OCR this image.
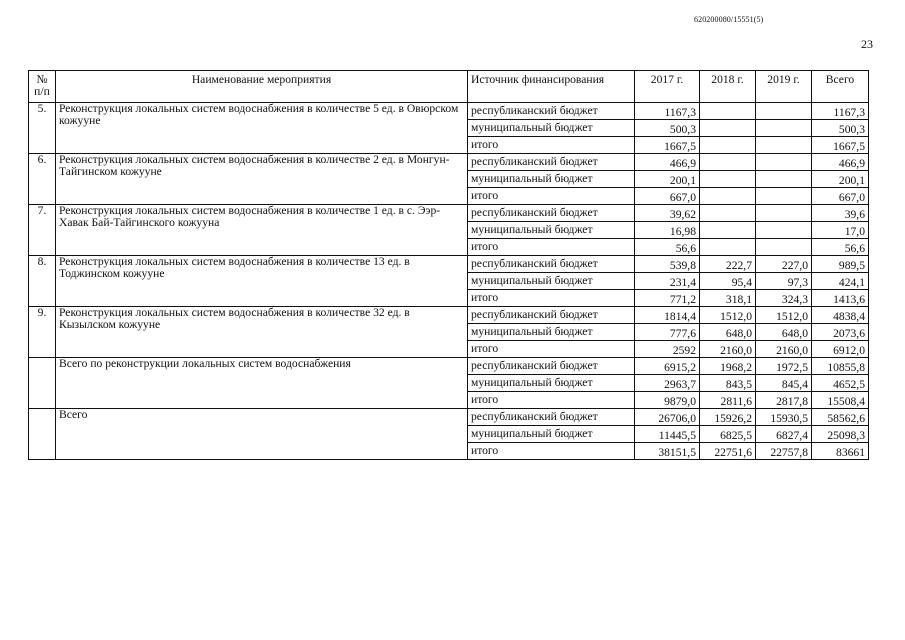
620200080/15551(5)
23
№
п/п	Наименование мероприятия	Источник финансирования	2017 г.	2018 г.	2019 г.	Всего
5.	Реконструкция локальных систем водоснабжения в количестве 5 ед. в Овюрском кожууне	республиканский бюджет	1167,3			1167,3
		муниципальный бюджет	500,3			500,3
		итого	1667,5			1667,5
6.	Реконструкция локальных систем водоснабжения в количестве 2 ед. в Монгун-Тайгинском кожууне	республиканский бюджет	466,9			466,9
		муниципальный бюджет	200,1			200,1
		итого	667,0			667,0
7.	Реконструкция локальных систем водоснабжения в количестве 1 ед. в с. Ээр-Хавак Бай-Тайгинского кожууна	республиканский бюджет	39,62			39,6
		муниципальный бюджет	16,98			17,0
		итого	56,6			56,6
8.	Реконструкция локальных систем водоснабжения в количестве 13 ед. в Тоджинском кожууне	республиканский бюджет	539,8	222,7	227,0	989,5
		муниципальный бюджет	231,4	95,4	97,3	424,1
		итого	771,2	318,1	324,3	1413,6
9.	Реконструкция локальных систем водоснабжения в количестве 32 ед. в Кызылском кожууне	республиканский бюджет	1814,4	1512,0	1512,0	4838,4
		муниципальный бюджет	777,6	648,0	648,0	2073,6
		итого	2592	2160,0	2160,0	6912,0
	Всего по реконструкции локальных систем водоснабжения	республиканский бюджет	6915,2	1968,2	1972,5	10855,8
		муниципальный бюджет	2963,7	843,5	845,4	4652,5
		итого	9879,0	2811,6	2817,8	15508,4
	Всего	республиканский бюджет	26706,0	15926,2	15930,5	58562,6
		муниципальный бюджет	11445,5	6825,5	6827,4	25098,3
		итого	38151,5	22751,6	22757,8	83661
